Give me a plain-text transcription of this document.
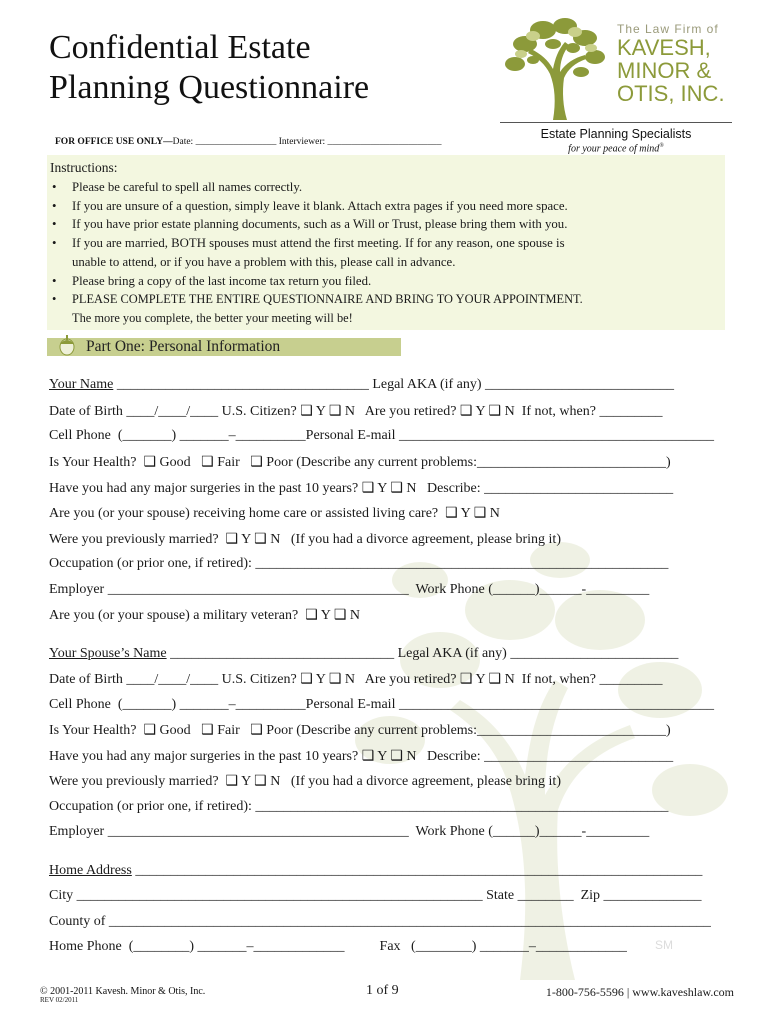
Confidential Estate
Planning Questionnaire
FOR OFFICE USE ONLY—Date: _________________ Interviewer: ________________________
The Law Firm of
KAVESH,
MINOR &
OTIS, INC.
Estate Planning Specialists
for your peace of mind®
Instructions:
• Please be careful to spell all names correctly.
• If you are unsure of a question, simply leave it blank. Attach extra pages if you need more space.
• If you have prior estate planning documents, such as a Will or Trust, please bring them with you.
• If you are married, BOTH spouses must attend the first meeting. If for any reason, one spouse is
unable to attend, or if you have a problem with this, please call in advance.
• Please bring a copy of the last income tax return you filed.
• PLEASE COMPLETE THE ENTIRE QUESTIONNAIRE AND BRING TO YOUR APPOINTMENT.
The more you complete, the better your meeting will be!
Part One: Personal Information
Your Name ____________________________________ Legal AKA (if any) ___________________________
Date of Birth ____/____/____ U.S. Citizen? ❑ Y ❑ N   Are you retired? ❑ Y ❑ N  If not, when? _________
Cell Phone  (_______) _______–__________Personal E-mail _____________________________________________
Is Your Health?  ❑ Good   ❑ Fair   ❑ Poor (Describe any current problems:___________________________)
Have you had any major surgeries in the past 10 years? ❑ Y ❑ N   Describe: ___________________________
Are you (or your spouse) receiving home care or assisted living care?  ❑ Y ❑ N
Were you previously married?  ❑ Y ❑ N   (If you had a divorce agreement, please bring it)
Occupation (or prior one, if retired): ___________________________________________________________
Employer ___________________________________________  Work Phone (______)______-_________
Are you (or your spouse) a military veteran?  ❑ Y ❑ N
Your Spouse’s Name ________________________________ Legal AKA (if any) ________________________
Date of Birth ____/____/____ U.S. Citizen? ❑ Y ❑ N   Are you retired? ❑ Y ❑ N  If not, when? _________
Cell Phone  (_______) _______–__________Personal E-mail _____________________________________________
Is Your Health?  ❑ Good   ❑ Fair   ❑ Poor (Describe any current problems:___________________________)
Have you had any major surgeries in the past 10 years? ❑ Y ❑ N   Describe: ___________________________
Were you previously married?  ❑ Y ❑ N   (If you had a divorce agreement, please bring it)
Occupation (or prior one, if retired): ___________________________________________________________
Employer ___________________________________________  Work Phone (______)______-_________
Home Address _________________________________________________________________________________
City __________________________________________________________ State ________  Zip ______________
County of ______________________________________________________________________________________
Home Phone  (________) _______–_____________          Fax   (________) _______–_____________	SM
© 2001-2011 Kavesh. Minor & Otis, Inc.
REV 02/2011
1 of 9	1-800-756-5596 | www.kaveshlaw.com
